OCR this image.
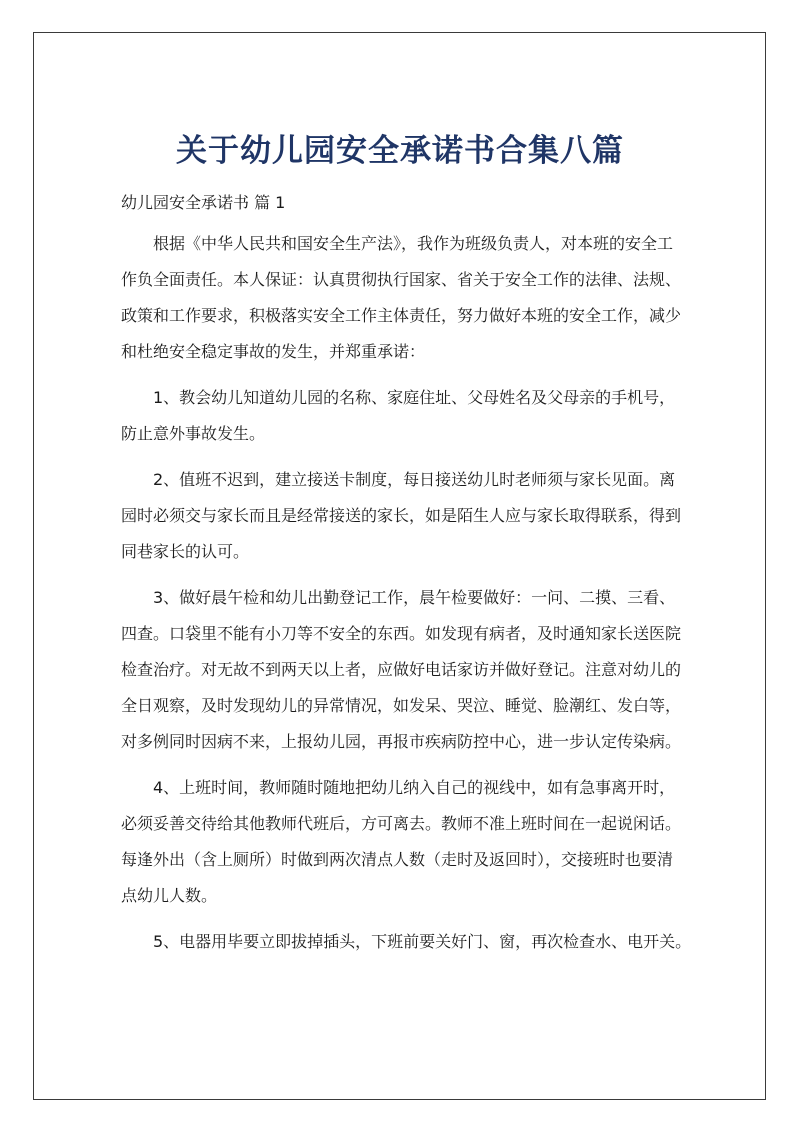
关于幼儿园安全承诺书合集八篇
幼儿园安全承诺书 篇 1

根据《中华人民共和国安全生产法》，我作为班级负责人，对本班的安全工
作负全面责任。本人保证：认真贯彻执行国家、省关于安全工作的法律、法规、
政策和工作要求，积极落实安全工作主体责任，努力做好本班的安全工作，减少
和杜绝安全稳定事故的发生，并郑重承诺：

1、教会幼儿知道幼儿园的名称、家庭住址、父母姓名及父母亲的手机号，
防止意外事故发生。

2、值班不迟到，建立接送卡制度，每日接送幼儿时老师须与家长见面。离
园时必须交与家长而且是经常接送的家长，如是陌生人应与家长取得联系，得到
同巷家长的认可。

3、做好晨午检和幼儿出勤登记工作，晨午检要做好：一问、二摸、三看、
四查。口袋里不能有小刀等不安全的东西。如发现有病者，及时通知家长送医院
检查治疗。对无故不到两天以上者，应做好电话家访并做好登记。注意对幼儿的
全日观察，及时发现幼儿的异常情况，如发呆、哭泣、睡觉、脸潮红、发白等，
对多例同时因病不来，上报幼儿园，再报市疾病防控中心，进一步认定传染病。

4、上班时间，教师随时随地把幼儿纳入自己的视线中，如有急事离开时，
必须妥善交待给其他教师代班后，方可离去。教师不准上班时间在一起说闲话。
每逢外出（含上厕所）时做到两次清点人数（走时及返回时），交接班时也要清
点幼儿人数。

5、电器用毕要立即拔掉插头，下班前要关好门、窗，再次检查水、电开关。
